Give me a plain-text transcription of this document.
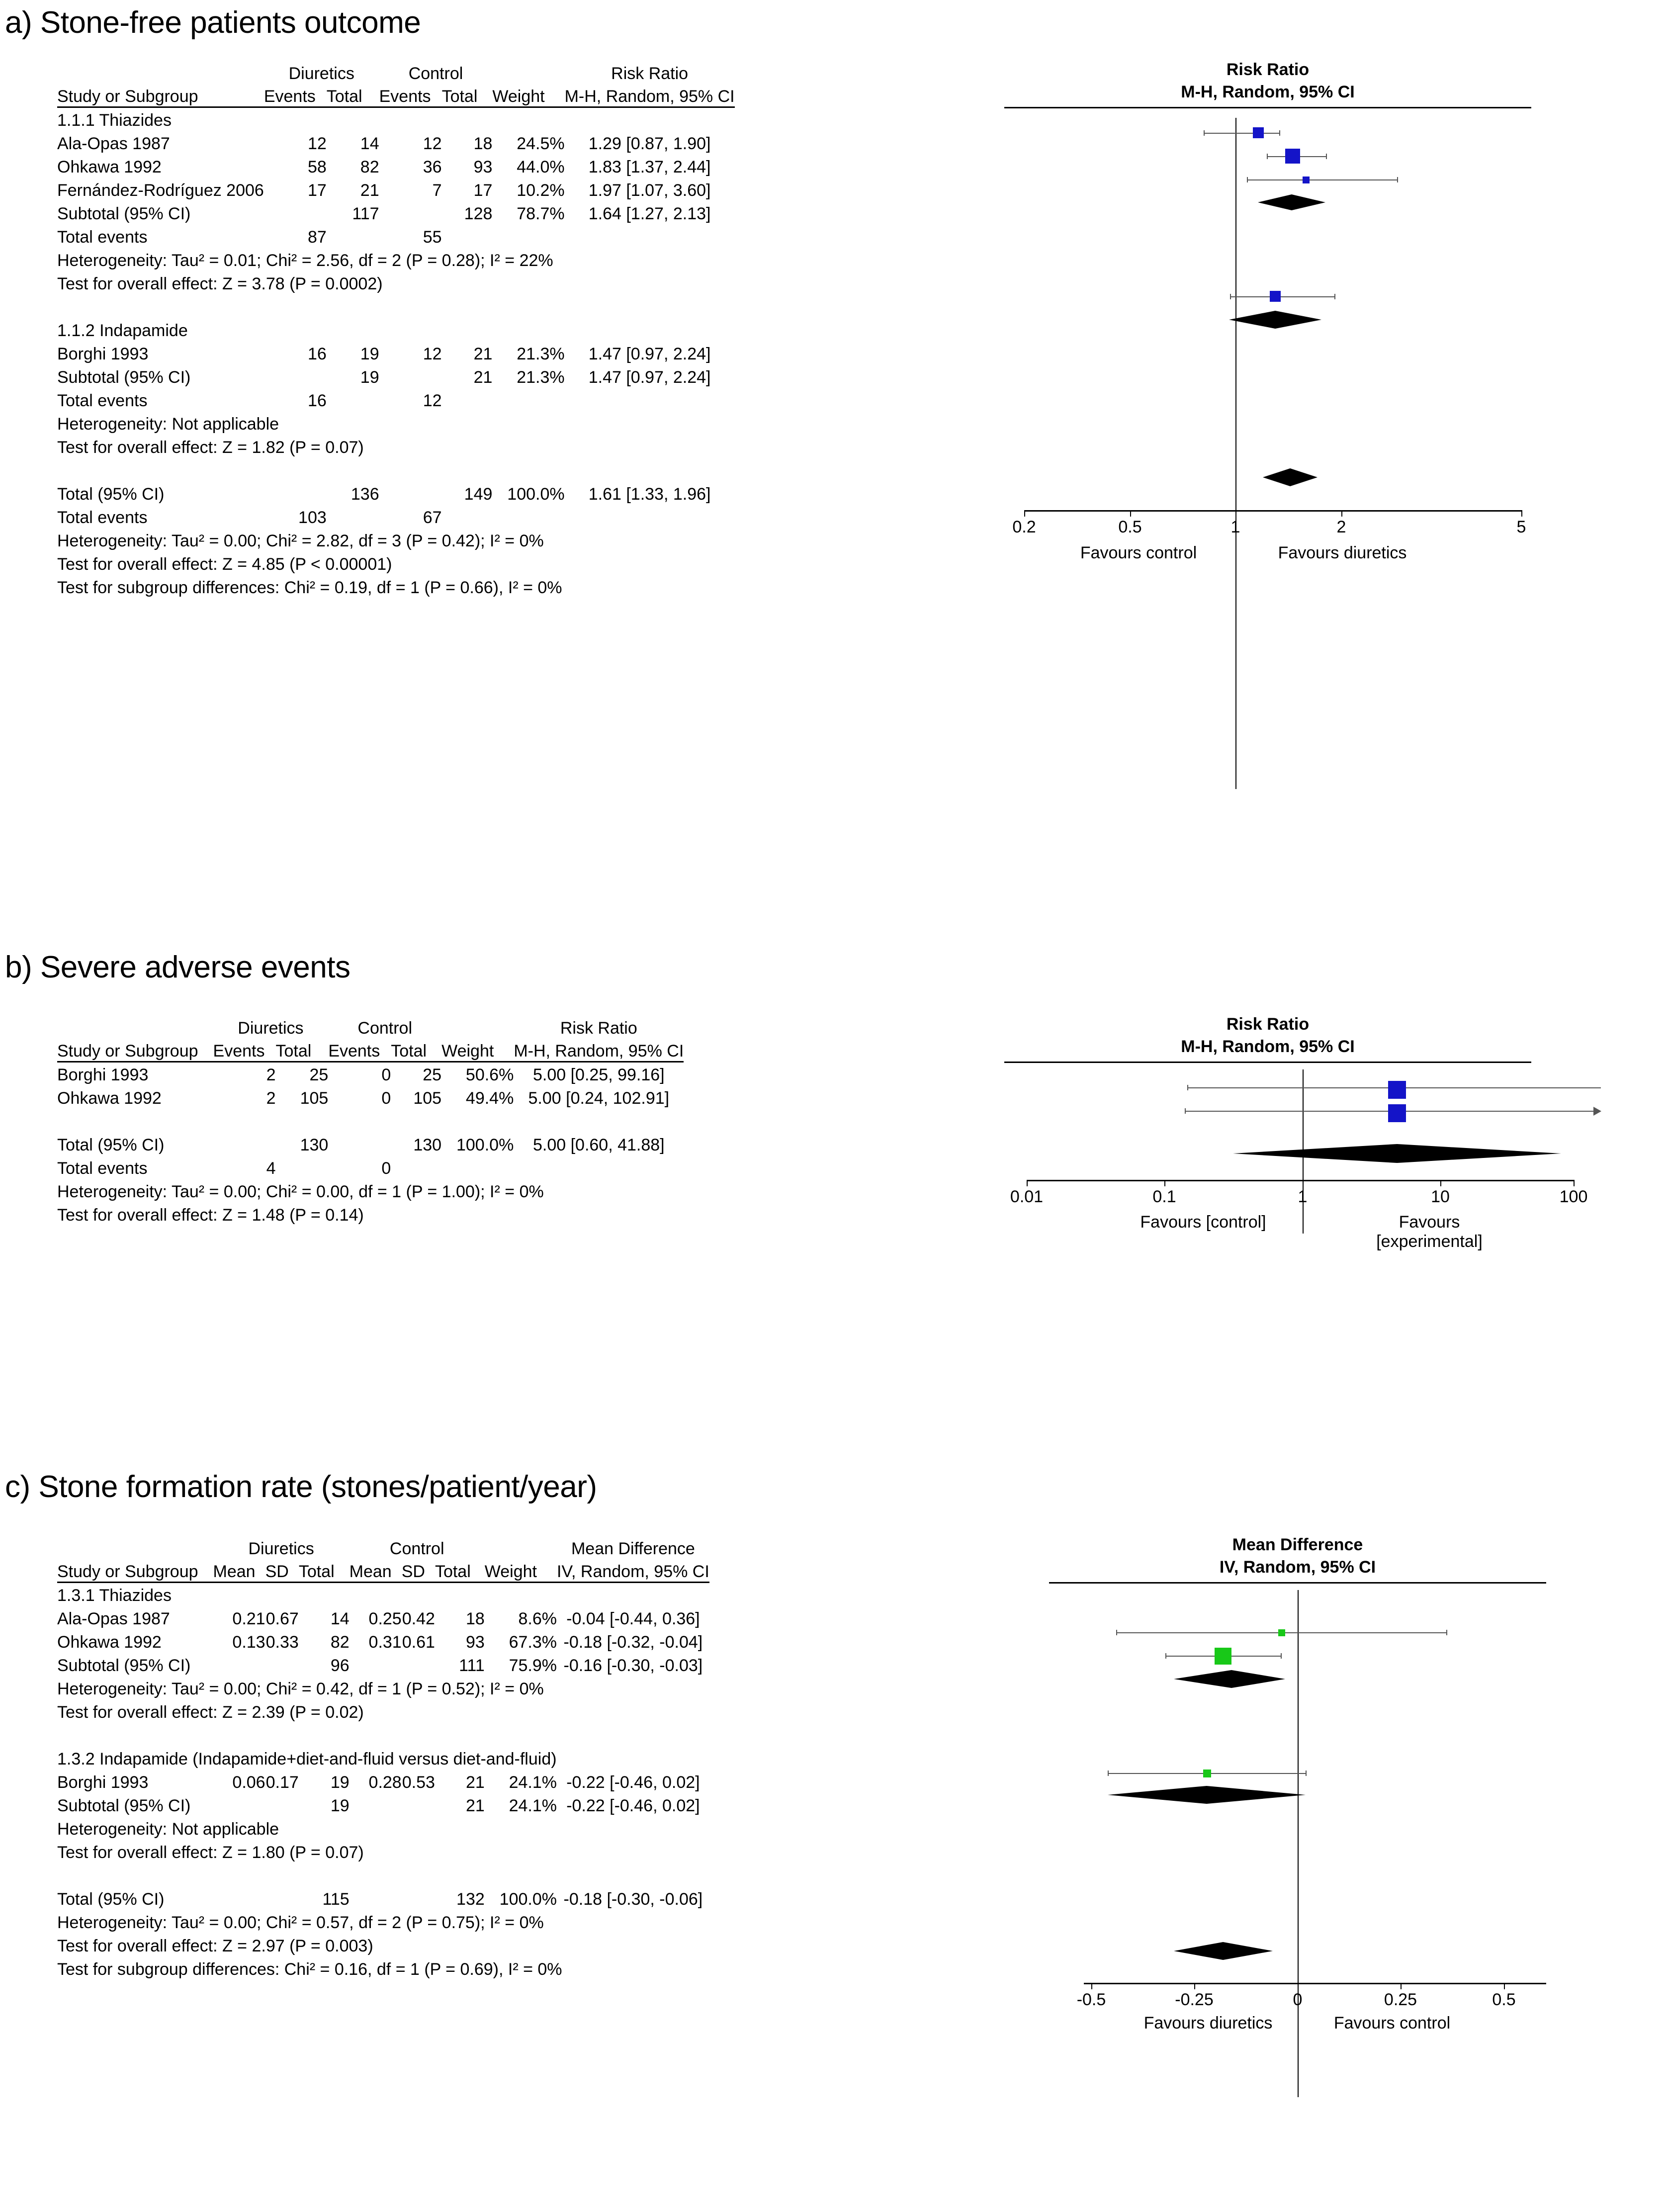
a) Stone-free patients outcome
	Diuretics		Control			Risk Ratio
Study or Subgroup	Events	Total	Events	Total	Weight	M-H, Random, 95% CI
1.1.1 Thiazides						
Ala-Opas 1987	12	14	12	18	24.5%	1.29 [0.87, 1.90]
Ohkawa 1992	58	82	36	93	44.0%	1.83 [1.37, 2.44]
Fernández-Rodríguez 2006	17	21	7	17	10.2%	1.97 [1.07, 3.60]
Subtotal (95% CI)		117		128	78.7%	1.64 [1.27, 2.13]
Total events	87		55			
Heterogeneity: Tau² = 0.01; Chi² = 2.56, df = 2 (P = 0.28); I² = 22%						
Test for overall effect: Z = 3.78 (P = 0.0002)						

1.1.2 Indapamide						
Borghi 1993	16	19	12	21	21.3%	1.47 [0.97, 2.24]
Subtotal (95% CI)		19		21	21.3%	1.47 [0.97, 2.24]
Total events	16		12			
Heterogeneity: Not applicable						
Test for overall effect: Z = 1.82 (P = 0.07)						

Total (95% CI)		136		149	100.0%	1.61 [1.33, 1.96]
Total events	103		67			
Heterogeneity: Tau² = 0.00; Chi² = 2.82, df = 3 (P = 0.42); I² = 0%						
Test for overall effect: Z = 4.85 (P < 0.00001)						
Test for subgroup differences: Chi² = 0.19, df = 1 (P = 0.66), I² = 0%						
Risk Ratio
M-H, Random, 95% CI
0.2	0.5	1	2	5
Favours control	Favours diuretics
b) Severe adverse events
	Diuretics		Control			Risk Ratio
Study or Subgroup	Events	Total	Events	Total	Weight	M-H, Random, 95% CI
Borghi 1993	2	25	0	25	50.6%	5.00 [0.25, 99.16]
Ohkawa 1992	2	105	0	105	49.4%	5.00 [0.24, 102.91]

Total (95% CI)		130		130	100.0%	5.00 [0.60, 41.88]
Total events	4		0			
Heterogeneity: Tau² = 0.00; Chi² = 0.00, df = 1 (P = 1.00); I² = 0%						
Test for overall effect: Z = 1.48 (P = 0.14)						
Risk Ratio
M-H, Random, 95% CI
0.01	0.1	1	10	100
Favours [control]	Favours [experimental]
c) Stone formation rate (stones/patient/year)
	Diuretics			Control				Mean Difference
Study or Subgroup	Mean	SD	Total	Mean	SD	Total	Weight	IV, Random, 95% CI
1.3.1 Thiazides								
Ala-Opas 1987	0.21	0.67	14	0.25	0.42	18	8.6%	-0.04 [-0.44, 0.36]
Ohkawa 1992	0.13	0.33	82	0.31	0.61	93	67.3%	-0.18 [-0.32, -0.04]
Subtotal (95% CI)			96			111	75.9%	-0.16 [-0.30, -0.03]
Heterogeneity: Tau² = 0.00; Chi² = 0.42, df = 1 (P = 0.52); I² = 0%								
Test for overall effect: Z = 2.39 (P = 0.02)								

1.3.2 Indapamide (Indapamide+diet-and-fluid versus diet-and-fluid)								
Borghi 1993	0.06	0.17	19	0.28	0.53	21	24.1%	-0.22 [-0.46, 0.02]
Subtotal (95% CI)			19			21	24.1%	-0.22 [-0.46, 0.02]
Heterogeneity: Not applicable								
Test for overall effect: Z = 1.80 (P = 0.07)								

Total (95% CI)			115			132	100.0%	-0.18 [-0.30, -0.06]
Heterogeneity: Tau² = 0.00; Chi² = 0.57, df = 2 (P = 0.75); I² = 0%								
Test for overall effect: Z = 2.97 (P = 0.003)								
Test for subgroup differences: Chi² = 0.16, df = 1 (P = 0.69), I² = 0%								
Mean Difference
IV, Random, 95% CI
-0.5	-0.25	0	0.25	0.5
Favours diuretics	Favours control
